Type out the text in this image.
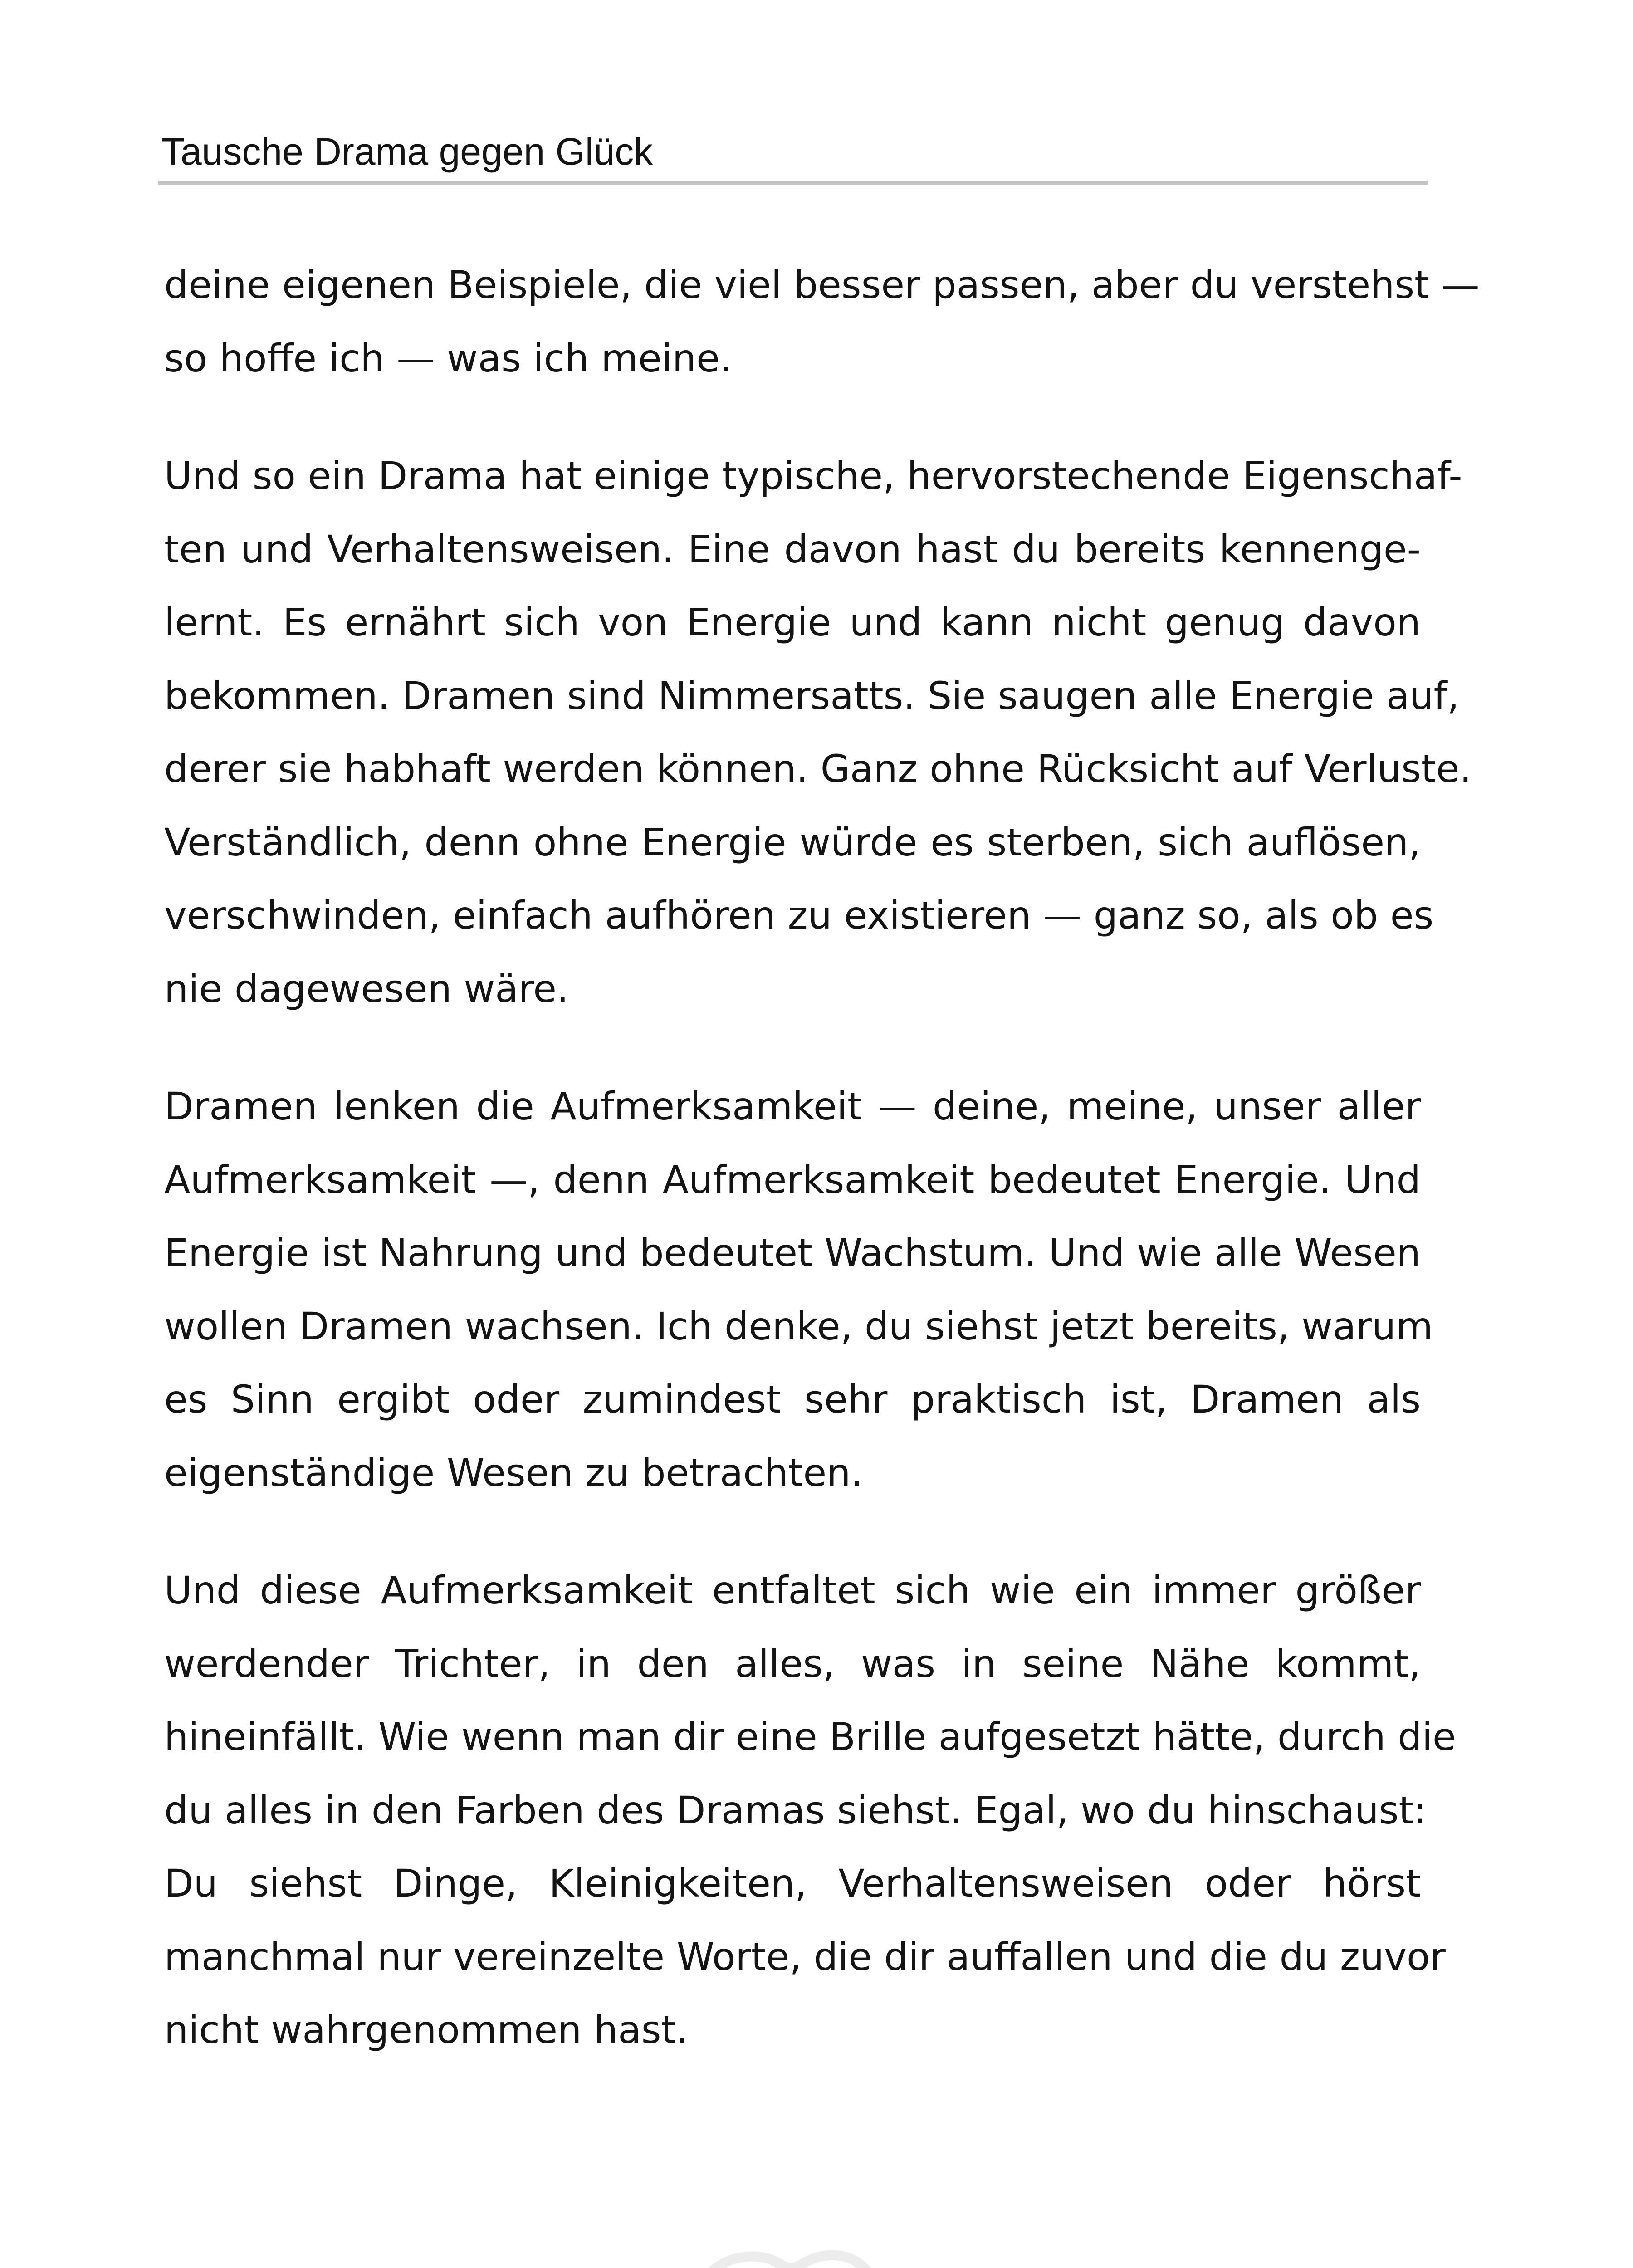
Tausche Drama gegen Glück

deine eigenen Beispiele, die viel besser passen, aber du verstehst —
so hoffe ich — was ich meine.

Und so ein Drama hat einige typische, hervorstechende Eigenschaf-
ten und Verhaltensweisen. Eine davon hast du bereits kennenge-
lernt. Es ernährt sich von Energie und kann nicht genug davon
bekommen. Dramen sind Nimmersatts. Sie saugen alle Energie auf,
derer sie habhaft werden können. Ganz ohne Rücksicht auf Verluste.
Verständlich, denn ohne Energie würde es sterben, sich auflösen,
verschwinden, einfach aufhören zu existieren — ganz so, als ob es
nie dagewesen wäre.

Dramen lenken die Aufmerksamkeit — deine, meine, unser aller
Aufmerksamkeit —, denn Aufmerksamkeit bedeutet Energie. Und
Energie ist Nahrung und bedeutet Wachstum. Und wie alle Wesen
wollen Dramen wachsen. Ich denke, du siehst jetzt bereits, warum
es Sinn ergibt oder zumindest sehr praktisch ist, Dramen als
eigenständige Wesen zu betrachten.

Und diese Aufmerksamkeit entfaltet sich wie ein immer größer
werdender Trichter, in den alles, was in seine Nähe kommt,
hineinfällt. Wie wenn man dir eine Brille aufgesetzt hätte, durch die
du alles in den Farben des Dramas siehst. Egal, wo du hinschaust:
Du siehst Dinge, Kleinigkeiten, Verhaltensweisen oder hörst
manchmal nur vereinzelte Worte, die dir auffallen und die du zuvor
nicht wahrgenommen hast.
